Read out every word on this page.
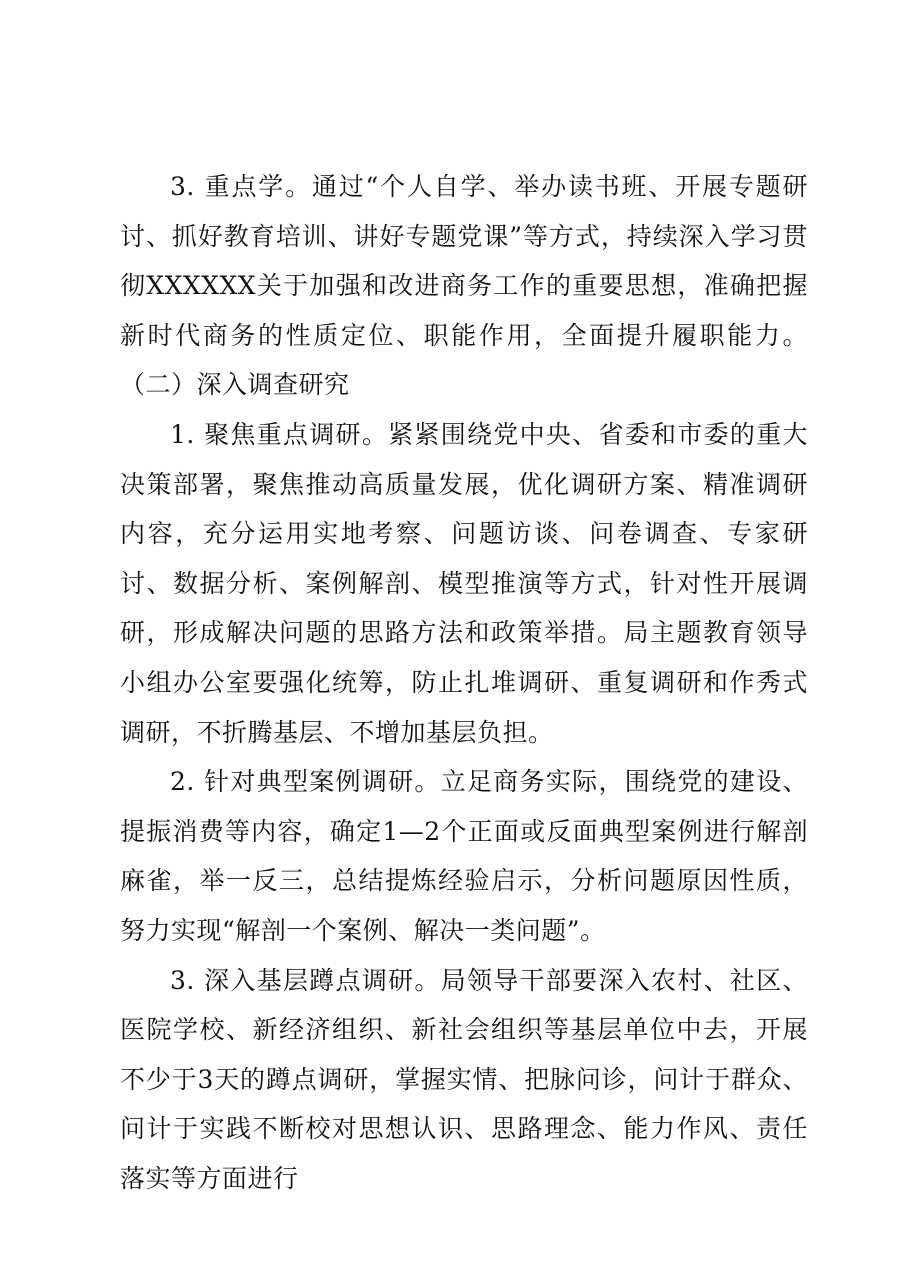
3. 重点学。通过“个人自学、举办读书班、开展专题研讨、抓好教育培训、讲好专题党课”等方式，持续深入学习贯彻XXXXXX关于加强和改进商务工作的重要思想，准确把握新时代商务的性质定位、职能作用，全面提升履职能力。（二）深入调查研究

1. 聚焦重点调研。紧紧围绕党中央、省委和市委的重大决策部署，聚焦推动高质量发展，优化调研方案、精准调研内容，充分运用实地考察、问题访谈、问卷调查、专家研讨、数据分析、案例解剖、模型推演等方式，针对性开展调研，形成解决问题的思路方法和政策举措。局主题教育领导小组办公室要强化统筹，防止扎堆调研、重复调研和作秀式调研，不折腾基层、不增加基层负担。

2. 针对典型案例调研。立足商务实际，围绕党的建设、提振消费等内容，确定1—2个正面或反面典型案例进行解剖麻雀，举一反三，总结提炼经验启示，分析问题原因性质，努力实现“解剖一个案例、解决一类问题”。

3. 深入基层蹲点调研。局领导干部要深入农村、社区、医院学校、新经济组织、新社会组织等基层单位中去，开展不少于3天的蹲点调研，掌握实情、把脉问诊，问计于群众、问计于实践不断校对思想认识、思路理念、能力作风、责任落实等方面进行
